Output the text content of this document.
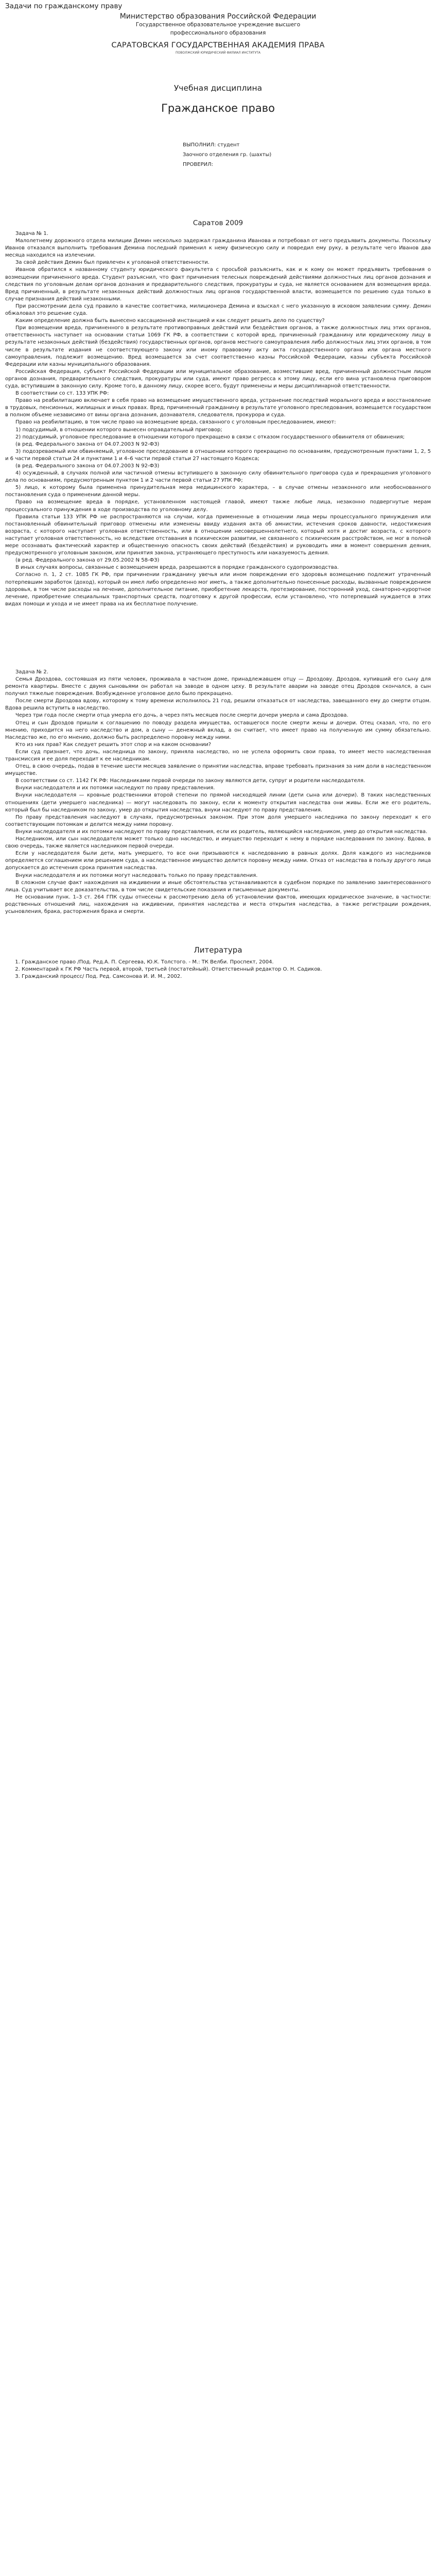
Задачи по гражданскому праву
Министерство образования Российской Федерации
Государственное образовательное учреждение высшего
профессионального образования
САРАТОВСКАЯ ГОСУДАРСТВЕННАЯ АКАДЕМИЯ ПРАВА
ПОВОЛЖСКИЙ ЮРИДИЧЕСКИЙ ФИЛИАЛ ИНСТИТУТА
Учебная дисциплина
Гражданское право
ВЫПОЛНИЛ: студент
Заочного отделения гр. (шахты)
ПРОВЕРИЛ:
Саратов 2009

Задача № 1.

Малолетнему дорожного отдела милиции Демин несколько задержал гражданина Иванова и потребовал от него предъявить документы. Поскольку Иванов отказался выполнить требования Демина последний применил к нему физическую силу и повредил ему руку, в результате чего Иванов два месяца находился на излечении.

За свой действия Демин был привлечен к уголовной ответственности.

Иванов обратился к названному студенту юридического факультета с просьбой разъяснить, как и к кому он может предъявить требования о возмещении причиненного вреда. Студент разъяснил, что факт причинения телесных повреждений действиями должностных лиц органов дознания и следствия по уголовным делам органов дознания и предварительного следствия, прокуратуры и суда, не является основанием для возмещения вреда. Вред причиненный, в результате незаконных действий должностных лиц органов государственной власти, возмещается по решению суда только в случае признания действий незаконными.

При рассмотрении дела суд правило в качестве соответчика, милиционера Демина и взыскал с него указанную в исковом заявлении сумму. Демин обжаловал это решение суда.

Каким определение должна быть вынесено кассационной инстанцией и как следует решить дело по существу?

При возмещении вреда, причиненного в результате противоправных действий или бездействия органов, а также должностных лиц этих органов, ответственность наступает на основании статьи 1069 ГК РФ, в соответствии с которой вред, причиненный гражданину или юридическому лицу в результате незаконных действий (бездействия) государственных органов, органов местного самоуправления либо должностных лиц этих органов, в том числе в результате издания не соответствующего закону или иному правовому акту акта государственного органа или органа местного самоуправления, подлежит возмещению. Вред возмещается за счет соответственно казны Российской Федерации, казны субъекта Российской Федерации или казны муниципального образования.

Российская Федерация, субъект Российской Федерации или муниципальное образование, возместившие вред, причиненный должностным лицом органов дознания, предварительного следствия, прокуратуры или суда, имеют право регресса к этому лицу, если его вина установлена приговором суда, вступившим в законную силу. Кроме того, в данному лицу, скорее всего, будут применены и меры дисциплинарной ответственности.

В соответствии со ст. 133 УПК РФ:

Право на реабилитацию включает в себя право на возмещение имущественного вреда, устранение последствий морального вреда и восстановление в трудовых, пенсионных, жилищных и иных правах. Вред, причиненный гражданину в результате уголовного преследования, возмещается государством в полном объеме независимо от вины органа дознания, дознавателя, следователя, прокурора и суда.

Право на реабилитацию, в том числе право на возмещение вреда, связанного с уголовным преследованием, имеют:

1) подсудимый, в отношении которого вынесен оправдательный приговор;

2) подсудимый, уголовное преследование в отношении которого прекращено в связи с отказом государственного обвинителя от обвинения;

(в ред. Федерального закона от 04.07.2003 N 92-ФЗ)

3) подозреваемый или обвиняемый, уголовное преследование в отношении которого прекращено по основаниям, предусмотренным пунктами 1, 2, 5 и 6 части первой статьи 24 и пунктами 1 и 4–6 части первой статьи 27 настоящего Кодекса;

(в ред. Федерального закона от 04.07.2003 N 92-ФЗ)

4) осужденный, в случаях полной или частичной отмены вступившего в законную силу обвинительного приговора суда и прекращения уголовного дела по основаниям, предусмотренным пунктом 1 и 2 части первой статьи 27 УПК РФ;

5) лицо, к которому была применена принудительная мера медицинского характера, – в случае отмены незаконного или необоснованного постановления суда о применении данной меры.

Право на возмещение вреда в порядке, установленном настоящей главой, имеют также любые лица, незаконно подвергнутые мерам процессуального принуждения в ходе производства по уголовному делу.

Правила статьи 133 УПК РФ не распространяются на случаи, когда примененные в отношении лица меры процессуального принуждения или постановленный обвинительный приговор отменены или изменены ввиду издания акта об амнистии, истечения сроков давности, недостижения возраста, с которого наступает уголовная ответственность, или в отношении несовершеннолетнего, который хотя и достиг возраста, с которого наступает уголовная ответственность, но вследствие отставания в психическом развитии, не связанного с психическим расстройством, не мог в полной мере осознавать фактический характер и общественную опасность своих действий (бездействия) и руководить ими в момент совершения деяния, предусмотренного уголовным законом, или принятия закона, устраняющего преступность или наказуемость деяния.

(в ред. Федерального закона от 29.05.2002 N 58-ФЗ)

В иных случаях вопросы, связанные с возмещением вреда, разрешаются в порядке гражданского судопроизводства.

Согласно п. 1, 2 ст. 1085 ГК РФ, при причинении гражданину увечья или ином повреждении его здоровья возмещению подлежит утраченный потерпевшим заработок (доход), который он имел либо определенно мог иметь, а также дополнительно понесенные расходы, вызванные повреждением здоровья, в том числе расходы на лечение, дополнительное питание, приобретение лекарств, протезирование, посторонний уход, санаторно-курортное лечение, приобретение специальных транспортных средств, подготовку к другой профессии, если установлено, что потерпевший нуждается в этих видах помощи и ухода и не имеет права на их бесплатное получение.

Задача № 2.

Семья Дроздова, состоявшая из пяти человек, проживала в частном доме, принадлежавшем отцу — Дроздову. Дроздов, купивший его сыну для ремонта квартиры. Вместе с двумя сыновьями он работал на заводе в одном цеху. В результате аварии на заводе отец Дроздов скончался, а сын получил тяжелые повреждения. Возбужденное уголовное дело было прекращено.

После смерти Дроздова вдову, которому к тому времени исполнилось 21 год, решили отказаться от наследства, завещанного ему до смерти отцом. Вдова решила вступить в наследство.

Через три года после смерти отца умерла его дочь, а через пять месяцев после смерти дочери умерла и сама Дроздова.

Отец и сын Дроздов пришли к соглашению по поводу раздела имущества, оставшегося после смерти жены и дочери. Отец сказал, что, по его мнению, приходится на него наследство и дом, а сыну — денежный вклад, а он считает, что имеет право на полученную им сумму обязательно. Наследство же, по его мнению, должно быть распределено поровну между ними.

Кто из них прав? Как следует решить этот спор и на каком основании?

Если суд признает, что дочь, наследница по закону, приняла наследство, но не успела оформить свои права, то имеет место наследственная трансмиссия и ее доля переходит к ее наследникам.

Отец, в свою очередь, подав в течение шести месяцев заявление о принятии наследства, вправе требовать признания за ним доли в наследственном имуществе.

В соответствии со ст. 1142 ГК РФ: Наследниками первой очереди по закону являются дети, супруг и родители наследодателя.

Внуки наследодателя и их потомки наследуют по праву представления.

Внуки наследодателя — кровные родственники второй степени по прямой нисходящей линии (дети сына или дочери). В таких наследственных отношениях (дети умершего наследника) — могут наследовать по закону, если к моменту открытия наследства они живы. Если же его родитель, который был бы наследником по закону, умер до открытия наследства, внуки наследуют по праву представления.

По праву представления наследуют в случаях, предусмотренных законом. При этом доля умершего наследника по закону переходит к его соответствующим потомкам и делится между ними поровну.

Внуки наследодателя и их потомки наследуют по праву представления, если их родитель, являющийся наследником, умер до открытия наследства.

Наследником, или сын наследодателя может только одно наследство, и имущество переходит к нему в порядке наследования по закону. Вдова, в свою очередь, также является наследником первой очереди.

Если у наследодателя были дети, мать умершего, то все они призываются к наследованию в равных долях. Доля каждого из наследников определяется соглашением или решением суда, а наследственное имущество делится поровну между ними. Отказ от наследства в пользу другого лица допускается до истечения срока принятия наследства.

Внуки наследодателя и их потомки могут наследовать только по праву представления.

В сложном случае факт нахождения на иждивении и иные обстоятельства устанавливаются в судебном порядке по заявлению заинтересованного лица. Суд учитывает все доказательства, в том числе свидетельские показания и письменные документы.

Не основании пунк. 1–3 ст. 264 ГПК суды отнесены к рассмотрению дела об установлении фактов, имеющих юридическое значение, в частности: родственных отношений лиц, нахождения на иждивении, принятия наследства и места открытия наследства, а также регистрации рождения, усыновления, брака, расторжения брака и смерти.

Литература
1. Гражданское право /Под. Ред.А. П. Сергеева, Ю.К. Толстого. - М.: ТК Велби. Проспект, 2004.
2. Комментарий к ГК РФ Часть первой, второй, третьей (постатейный). Ответственный редактор О. Н. Садиков.
3. Гражданский процесс/ Под. Ред. Самсонова И. И. М., 2002.
